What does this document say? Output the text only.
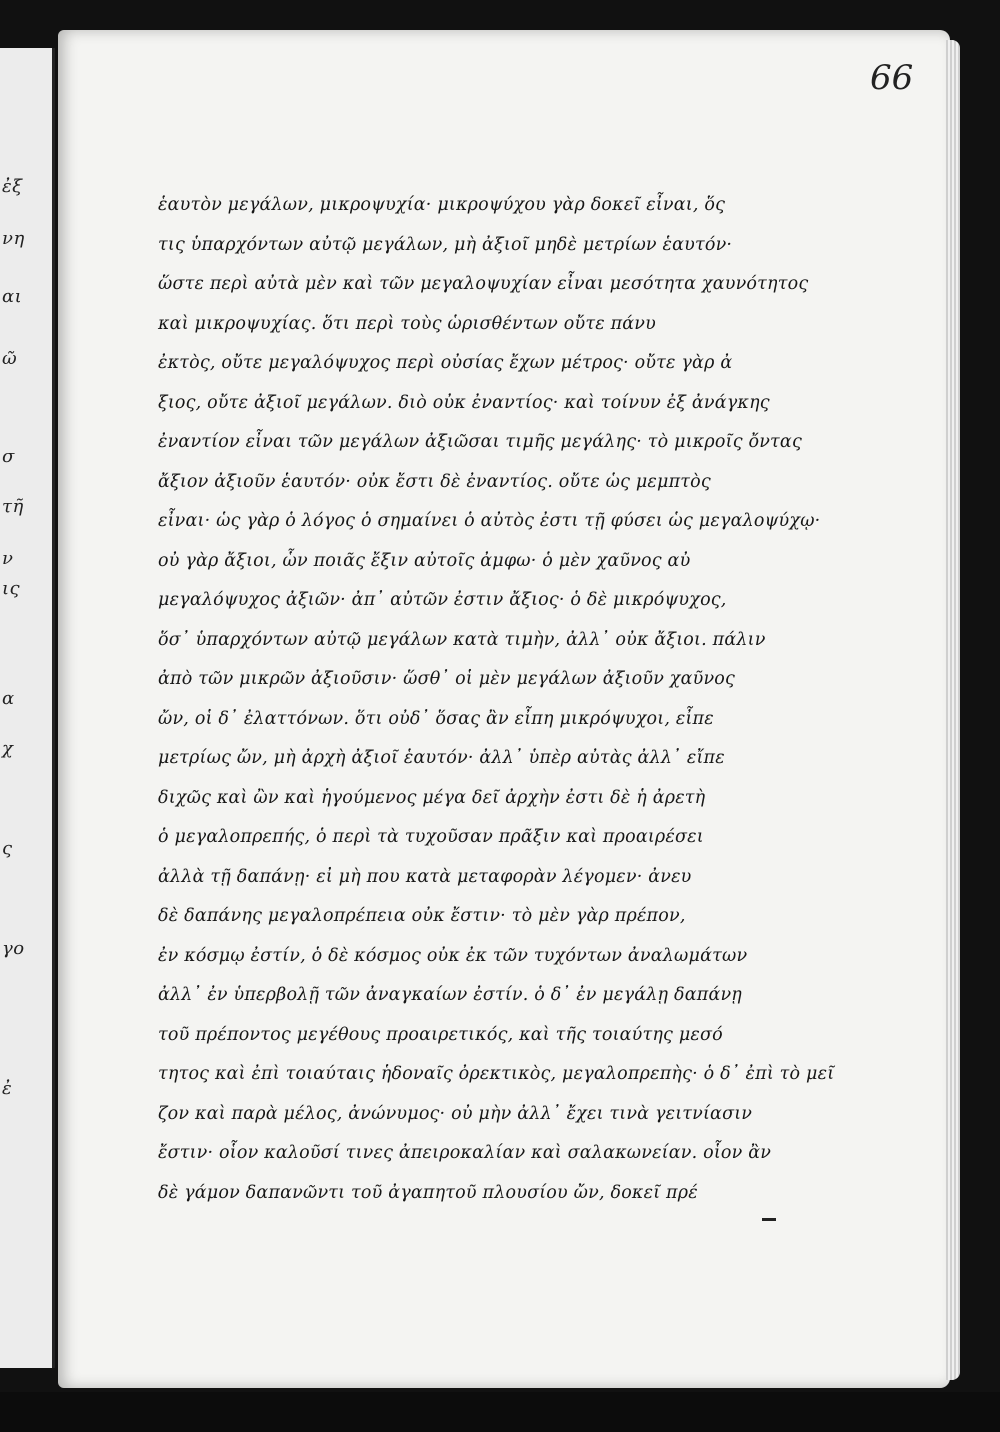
ἐξ
νη
αι
ῶ
σ
τῆ
ν
ις
α
χ
ς
γο
ἐ
66
ἑαυτὸν μεγάλων, μικροψυχία· μικροψύχου γὰρ δοκεῖ εἶναι, ὅς
τις ὑπαρχόντων αὐτῷ μεγάλων, μὴ ἀξιοῖ μηδὲ μετρίων ἑαυτόν·
ὥστε περὶ αὐτὰ μὲν καὶ τῶν μεγαλοψυχίαν εἶναι μεσότητα χαυνότητος
καὶ μικροψυχίας. ὅτι περὶ τοὺς ὡρισθέντων οὔτε πάνυ
ἐκτὸς, οὔτε μεγαλόψυχος περὶ οὐσίας ἔχων μέτρος· οὔτε γὰρ ἀ
ξιος, οὔτε ἀξιοῖ μεγάλων. διὸ οὐκ ἐναντίος· καὶ τοίνυν ἐξ ἀνάγκης
ἐναντίον εἶναι τῶν μεγάλων ἀξιῶσαι τιμῆς μεγάλης· τὸ μικροῖς ὄντας
ἄξιον ἀξιοῦν ἑαυτόν· οὐκ ἔστι δὲ ἐναντίος. οὔτε ὡς μεμπτὸς
εἶναι· ὡς γὰρ ὁ λόγος ὁ σημαίνει ὁ αὐτὸς ἐστι τῇ φύσει ὡς μεγαλοψύχῳ·
οὐ γὰρ ἄξιοι, ὧν ποιᾶς ἔξιν αὐτοῖς ἀμφω· ὁ μὲν χαῦνος αὐ
μεγαλόψυχος ἀξιῶν· ἀπ᾿ αὐτῶν ἐστιν ἄξιος· ὁ δὲ μικρόψυχος,
ὅσ᾿ ὑπαρχόντων αὐτῷ μεγάλων κατὰ τιμὴν, ἀλλ᾿ οὐκ ἄξιοι. πάλιν
ἀπὸ τῶν μικρῶν ἀξιοῦσιν· ὥσθ᾿ οἱ μὲν μεγάλων ἀξιοῦν χαῦνος
ὤν, οἱ δ᾿ ἐλαττόνων. ὅτι οὐδ᾿ ὅσας ἂν εἶπη μικρόψυχοι, εἶπε
μετρίως ὤν, μὴ ἀρχὴ ἀξιοῖ ἑαυτόν· ἀλλ᾿ ὑπὲρ αὐτὰς ἀλλ᾿ εἴπε
διχῶς καὶ ὢν καὶ ἡγούμενος μέγα δεῖ ἀρχὴν ἐστι δὲ ἡ ἀρετὴ
ὁ μεγαλοπρεπής, ὁ περὶ τὰ τυχοῦσαν πρᾶξιν καὶ προαιρέσει
ἀλλὰ τῇ δαπάνῃ· εἰ μὴ που κατὰ μεταφορὰν λέγομεν· ἀνευ
δὲ δαπάνης μεγαλοπρέπεια οὐκ ἔστιν· τὸ μὲν γὰρ πρέπον,
ἐν κόσμῳ ἐστίν, ὁ δὲ κόσμος οὐκ ἐκ τῶν τυχόντων ἀναλωμάτων
ἀλλ᾿ ἐν ὑπερβολῇ τῶν ἀναγκαίων ἐστίν. ὁ δ᾿ ἐν μεγάλῃ δαπάνῃ
τοῦ πρέποντος μεγέθους προαιρετικός, καὶ τῆς τοιαύτης μεσό
τητος καὶ ἐπὶ τοιαύταις ἡδοναῖς ὀρεκτικὸς, μεγαλοπρεπὴς· ὁ δ᾿ ἐπὶ τὸ μεῖ
ζον καὶ παρὰ μέλος, ἀνώνυμος· οὐ μὴν ἀλλ᾿ ἔχει τινὰ γειτνίασιν
ἔστιν· οἷον καλοῦσί τινες ἀπειροκαλίαν καὶ σαλακωνείαν. οἷον ἂν
δὲ γάμον δαπανῶντι τοῦ ἀγαπητοῦ πλουσίου ὤν, δοκεῖ πρέ
